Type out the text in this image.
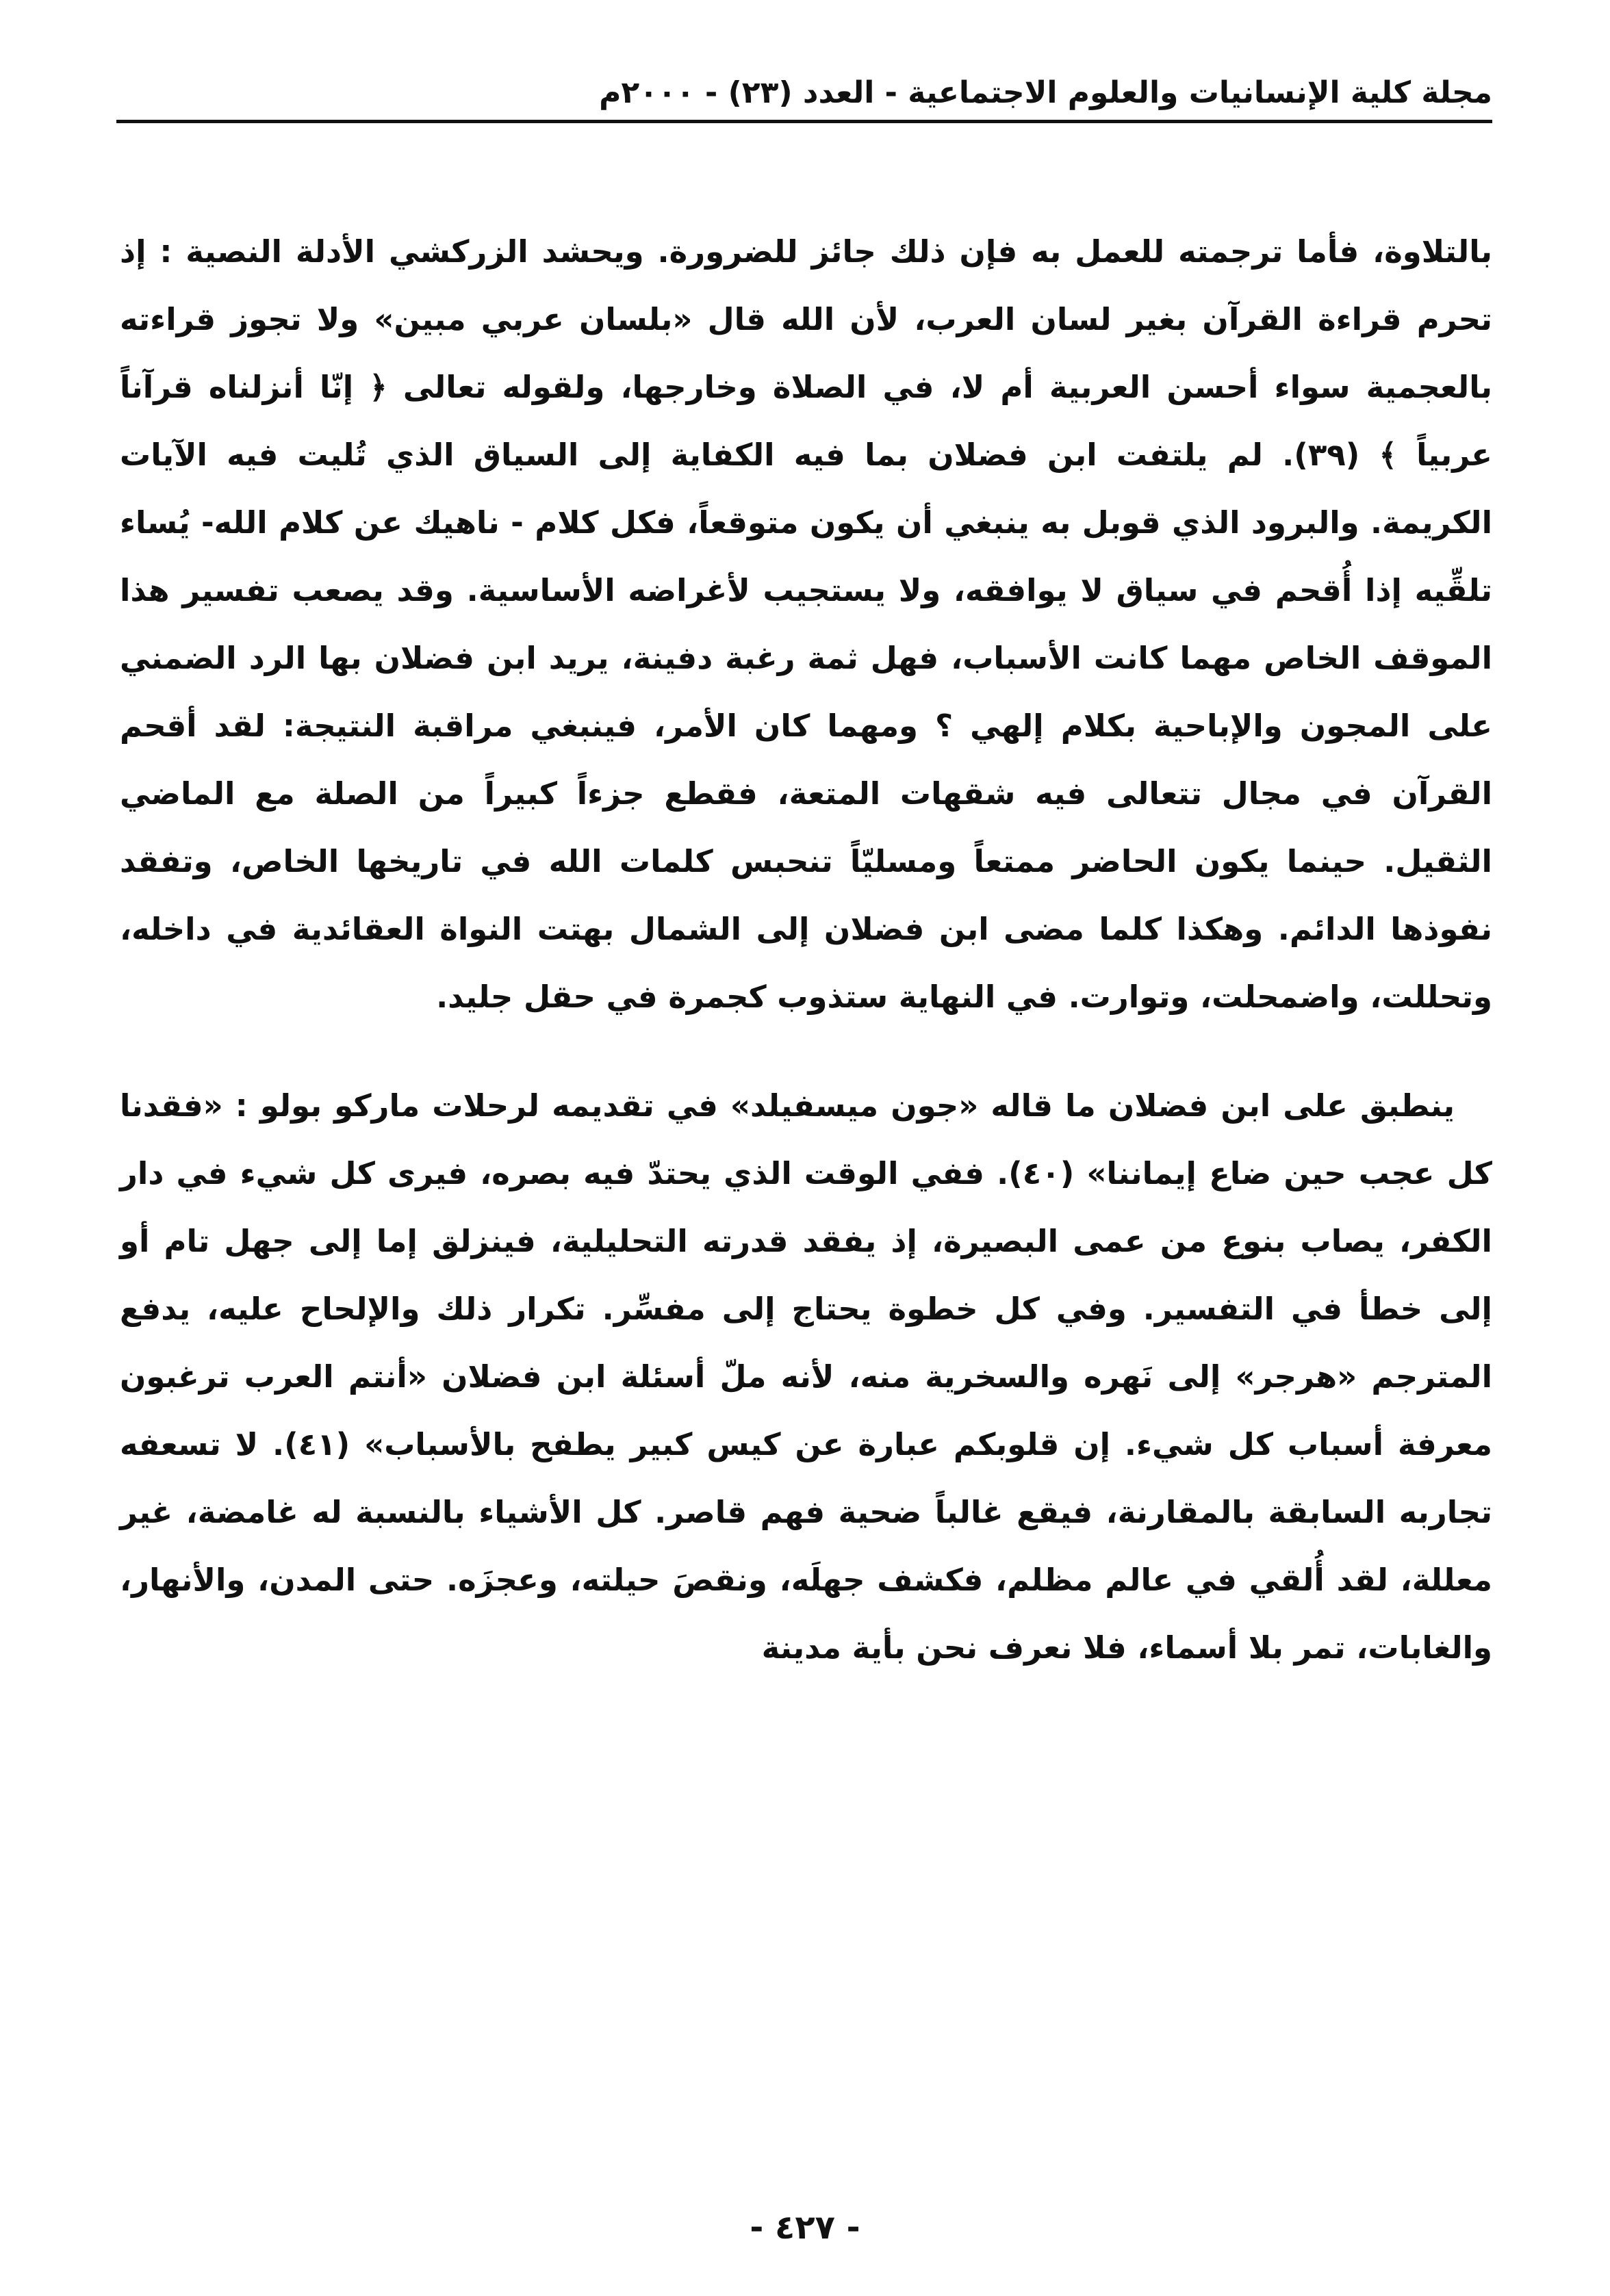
مجلة كلية الإنسانيات والعلوم الاجتماعية - العدد (٢٣) - ٢٠٠٠م

بالتلاوة، فأما ترجمته للعمل به فإن ذلك جائز للضرورة. ويحشد الزركشي الأدلة النصية : إذ تحرم قراءة القرآن بغير لسان العرب، لأن الله قال «بلسان عربي مبين» ولا تجوز قراءته بالعجمية سواء أحسن العربية أم لا، في الصلاة وخارجها، ولقوله تعالى ﴿ إنّا أنزلناه قرآناً عربياً ﴾ (٣٩). لم يلتفت ابن فضلان بما فيه الكفاية إلى السياق الذي تُليت فيه الآيات الكريمة. والبرود الذي قوبل به ينبغي أن يكون متوقعاً، فكل كلام - ناهيك عن كلام الله- يُساء تلقِّيه إذا أُقحم في سياق لا يوافقه، ولا يستجيب لأغراضه الأساسية. وقد يصعب تفسير هذا الموقف الخاص مهما كانت الأسباب، فهل ثمة رغبة دفينة، يريد ابن فضلان بها الرد الضمني على المجون والإباحية بكلام إلهي ؟ ومهما كان الأمر، فينبغي مراقبة النتيجة: لقد أقحم القرآن في مجال تتعالى فيه شقهات المتعة، فقطع جزءاً كبيراً من الصلة مع الماضي الثقيل. حينما يكون الحاضر ممتعاً ومسليّاً تنحبس كلمات الله في تاريخها الخاص، وتفقد نفوذها الدائم. وهكذا كلما مضى ابن فضلان إلى الشمال بهتت النواة العقائدية في داخله، وتحللت، واضمحلت، وتوارت. في النهاية ستذوب كجمرة في حقل جليد.

ينطبق على ابن فضلان ما قاله «جون ميسفيلد» في تقديمه لرحلات ماركو بولو : «فقدنا كل عجب حين ضاع إيماننا» (٤٠). ففي الوقت الذي يحتدّ فيه بصره، فيرى كل شيء في دار الكفر، يصاب بنوع من عمى البصيرة، إذ يفقد قدرته التحليلية، فينزلق إما إلى جهل تام أو إلى خطأ في التفسير. وفي كل خطوة يحتاج إلى مفسِّر. تكرار ذلك والإلحاح عليه، يدفع المترجم «هرجر» إلى نَهره والسخرية منه، لأنه ملّ أسئلة ابن فضلان «أنتم العرب ترغبون معرفة أسباب كل شيء. إن قلوبكم عبارة عن كيس كبير يطفح بالأسباب» (٤١). لا تسعفه تجاربه السابقة بالمقارنة، فيقع غالباً ضحية فهم قاصر. كل الأشياء بالنسبة له غامضة، غير معللة، لقد أُلقي في عالم مظلم، فكشف جهلَه، ونقصَ حيلته، وعجزَه. حتى المدن، والأنهار، والغابات، تمر بلا أسماء، فلا نعرف نحن بأية مدينة

- ٤٢٧ -
